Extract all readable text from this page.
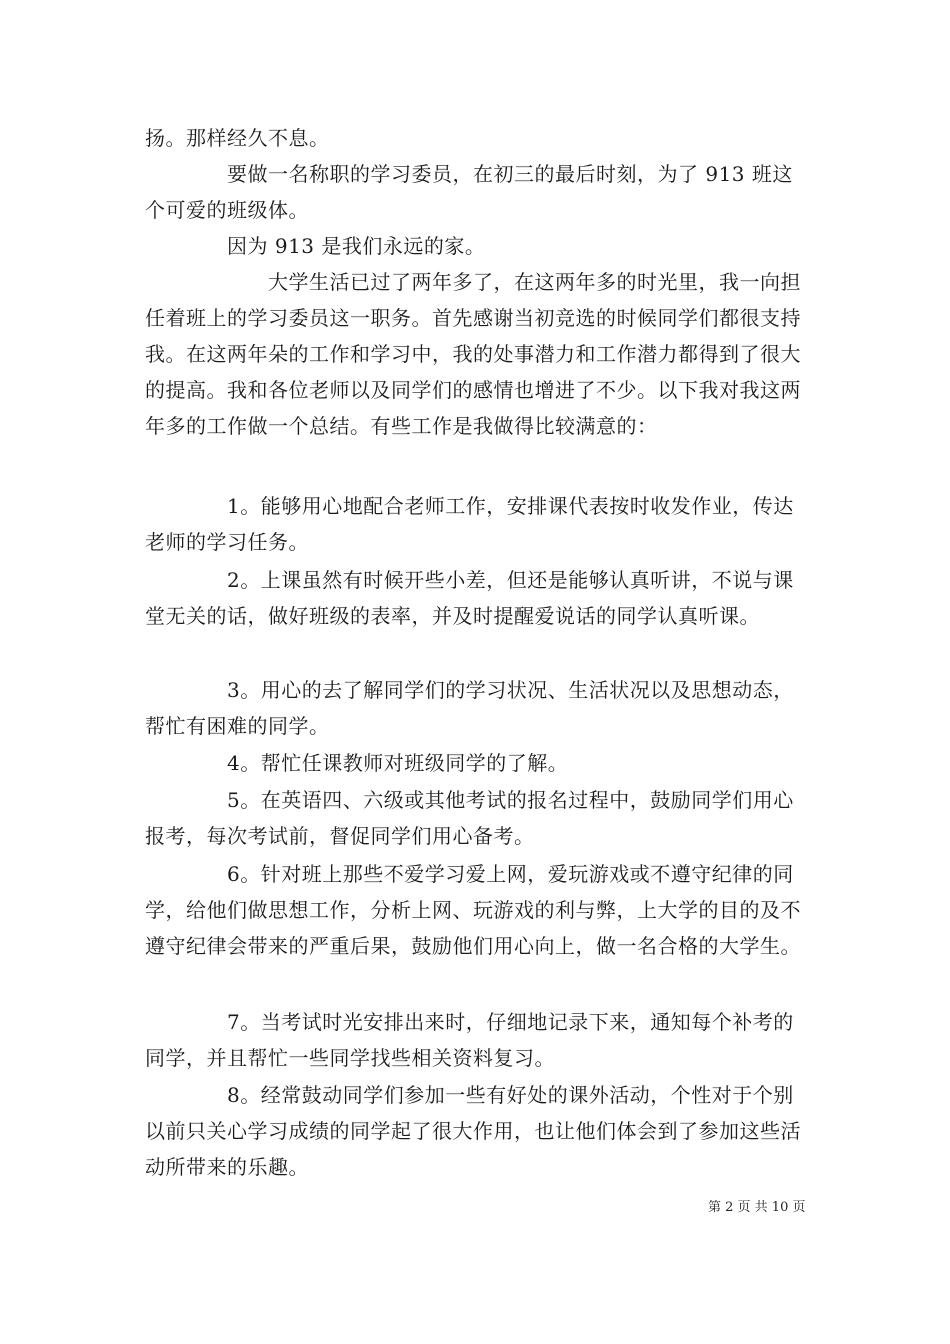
扬。那样经久不息。

　　　　要做一名称职的学习委员，在初三的最后时刻，为了 913 班这个可爱的班级体。

　　　　因为 913 是我们永远的家。

　　　　　　大学生活已过了两年多了，在这两年多的时光里，我一向担任着班上的学习委员这一职务。首先感谢当初竞选的时候同学们都很支持我。在这两年朵的工作和学习中，我的处事潜力和工作潜力都得到了很大的提高。我和各位老师以及同学们的感情也增进了不少。以下我对我这两年多的工作做一个总结。有些工作是我做得比较满意的：

　　　　1。能够用心地配合老师工作，安排课代表按时收发作业，传达老师的学习任务。

　　　　2。上课虽然有时候开些小差，但还是能够认真听讲，不说与课堂无关的话，做好班级的表率，并及时提醒爱说话的同学认真听课。

　　　　3。用心的去了解同学们的学习状况、生活状况以及思想动态，帮忙有困难的同学。

　　　　4。帮忙任课教师对班级同学的了解。

　　　　5。在英语四、六级或其他考试的报名过程中，鼓励同学们用心报考，每次考试前，督促同学们用心备考。

　　　　6。针对班上那些不爱学习爱上网，爱玩游戏或不遵守纪律的同学，给他们做思想工作，分析上网、玩游戏的利与弊，上大学的目的及不遵守纪律会带来的严重后果，鼓励他们用心向上，做一名合格的大学生。

　　　　7。当考试时光安排出来时，仔细地记录下来，通知每个补考的同学，并且帮忙一些同学找些相关资料复习。

　　　　8。经常鼓动同学们参加一些有好处的课外活动，个性对于个别以前只关心学习成绩的同学起了很大作用，也让他们体会到了参加这些活动所带来的乐趣。

第 2 页 共 10 页
